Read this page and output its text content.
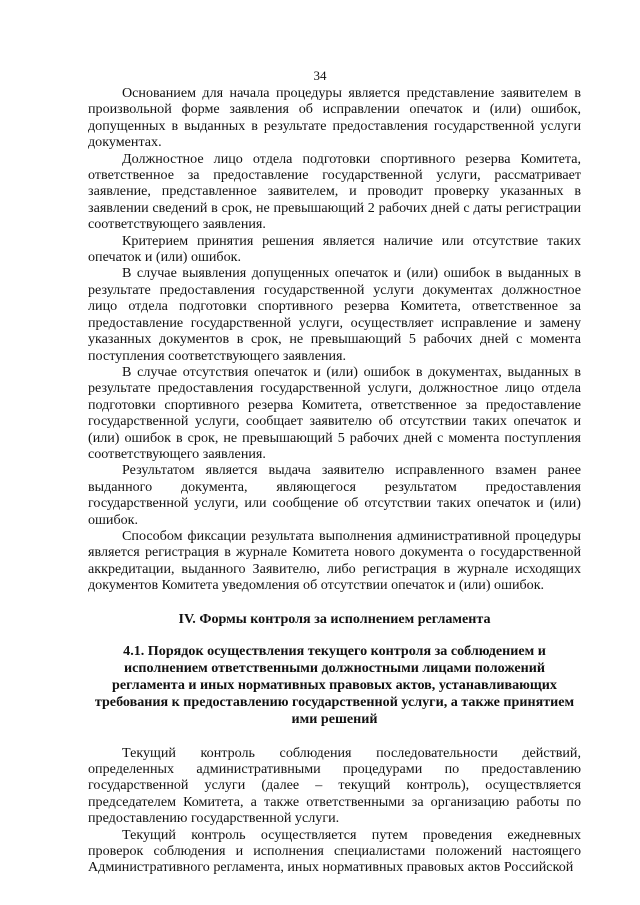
34

Основанием для начала процедуры является представление заявителем в произвольной форме заявления об исправлении опечаток и (или) ошибок, допущенных в выданных в результате предоставления государственной услуги документах.

Должностное лицо отдела подготовки спортивного резерва Комитета, ответственное за предоставление государственной услуги, рассматривает заявление, представленное заявителем, и проводит проверку указанных в заявлении сведений в срок, не превышающий 2 рабочих дней с даты регистрации соответствующего заявления.

Критерием принятия решения является наличие или отсутствие таких опечаток и (или) ошибок.

В случае выявления допущенных опечаток и (или) ошибок в выданных в результате предоставления государственной услуги документах должностное лицо отдела подготовки спортивного резерва Комитета, ответственное за предоставление государственной услуги, осуществляет исправление и замену указанных документов в срок, не превышающий 5 рабочих дней с момента поступления соответствующего заявления.

В случае отсутствия опечаток и (или) ошибок в документах, выданных в результате предоставления государственной услуги, должностное лицо отдела подготовки спортивного резерва Комитета, ответственное за предоставление государственной услуги, сообщает заявителю об отсутствии таких опечаток и (или) ошибок в срок, не превышающий 5 рабочих дней с момента поступления соответствующего заявления.

Результатом является выдача заявителю исправленного взамен ранее выданного документа, являющегося результатом предоставления государственной услуги, или сообщение об отсутствии таких опечаток и (или) ошибок.

Способом фиксации результата выполнения административной процедуры является регистрация в журнале Комитета нового документа о государственной аккредитации, выданного Заявителю, либо регистрация в журнале исходящих документов Комитета уведомления об отсутствии опечаток и (или) ошибок.

IV. Формы контроля за исполнением регламента
4.1. Порядок осуществления текущего контроля за соблюдением и исполнением ответственными должностными лицами положений регламента и иных нормативных правовых актов, устанавливающих требования к предоставлению государственной услуги, а также принятием ими решений

Текущий контроль соблюдения последовательности действий, определенных административными процедурами по предоставлению государственной услуги (далее – текущий контроль), осуществляется председателем Комитета, а также ответственными за организацию работы по предоставлению государственной услуги.

Текущий контроль осуществляется путем проведения ежедневных проверок соблюдения и исполнения специалистами положений настоящего Административного регламента, иных нормативных правовых актов Российской
